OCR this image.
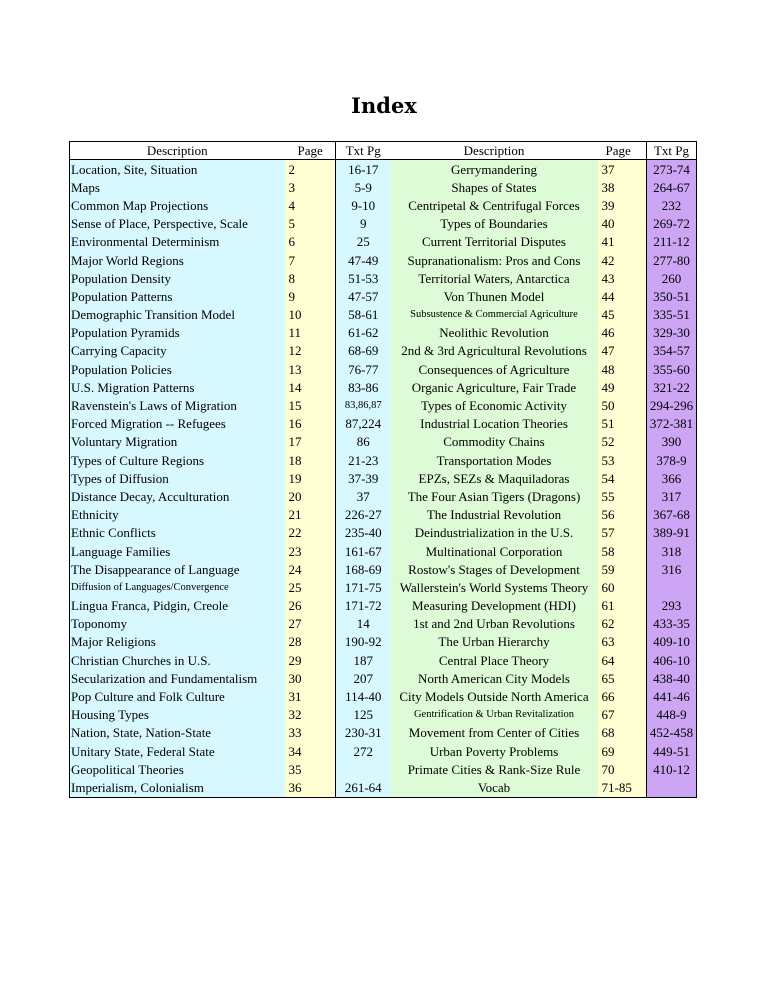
Index
Description	Page	Txt Pg	Description	Page	Txt Pg
Location, Site, Situation	2	16-17	Gerrymandering	37	273-74
Maps	3	5-9	Shapes of States	38	264-67
Common Map Projections	4	9-10	Centripetal & Centrifugal Forces	39	232
Sense of Place, Perspective, Scale	5	9	Types of Boundaries	40	269-72
Environmental Determinism	6	25	Current Territorial Disputes	41	211-12
Major World Regions	7	47-49	Supranationalism: Pros and Cons	42	277-80
Population Density	8	51-53	Territorial Waters, Antarctica	43	260
Population Patterns	9	47-57	Von Thunen Model	44	350-51
Demographic Transition Model	10	58-61	Subsustence & Commercial Agriculture	45	335-51
Population Pyramids	11	61-62	Neolithic Revolution	46	329-30
Carrying Capacity	12	68-69	2nd & 3rd Agricultural Revolutions	47	354-57
Population Policies	13	76-77	Consequences of Agriculture	48	355-60
U.S. Migration Patterns	14	83-86	Organic Agriculture, Fair Trade	49	321-22
Ravenstein's Laws of Migration	15	83,86,87	Types of Economic Activity	50	294-296
Forced Migration -- Refugees	16	87,224	Industrial Location Theories	51	372-381
Voluntary Migration	17	86	Commodity Chains	52	390
Types of Culture Regions	18	21-23	Transportation Modes	53	378-9
Types of Diffusion	19	37-39	EPZs, SEZs & Maquiladoras	54	366
Distance Decay, Acculturation	20	37	The Four Asian Tigers (Dragons)	55	317
Ethnicity	21	226-27	The Industrial Revolution	56	367-68
Ethnic Conflicts	22	235-40	Deindustrialization in the U.S.	57	389-91
Language Families	23	161-67	Multinational Corporation	58	318
The Disappearance of Language	24	168-69	Rostow's Stages of Development	59	316
Diffusion of Languages/Convergence	25	171-75	Wallerstein's World Systems Theory	60	
Lingua Franca, Pidgin, Creole	26	171-72	Measuring Development (HDI)	61	293
Toponomy	27	14	1st and 2nd Urban Revolutions	62	433-35
Major Religions	28	190-92	The Urban Hierarchy	63	409-10
Christian Churches in U.S.	29	187	Central Place Theory	64	406-10
Secularization and Fundamentalism	30	207	North American City Models	65	438-40
Pop Culture and Folk Culture	31	114-40	City Models Outside North America	66	441-46
Housing Types	32	125	Gentrification & Urban Revitalization	67	448-9
Nation, State, Nation-State	33	230-31	Movement from Center of Cities	68	452-458
Unitary State, Federal State	34	272	Urban Poverty Problems	69	449-51
Geopolitical Theories	35		Primate Cities & Rank-Size Rule	70	410-12
Imperialism, Colonialism	36	261-64	Vocab	71-85	
